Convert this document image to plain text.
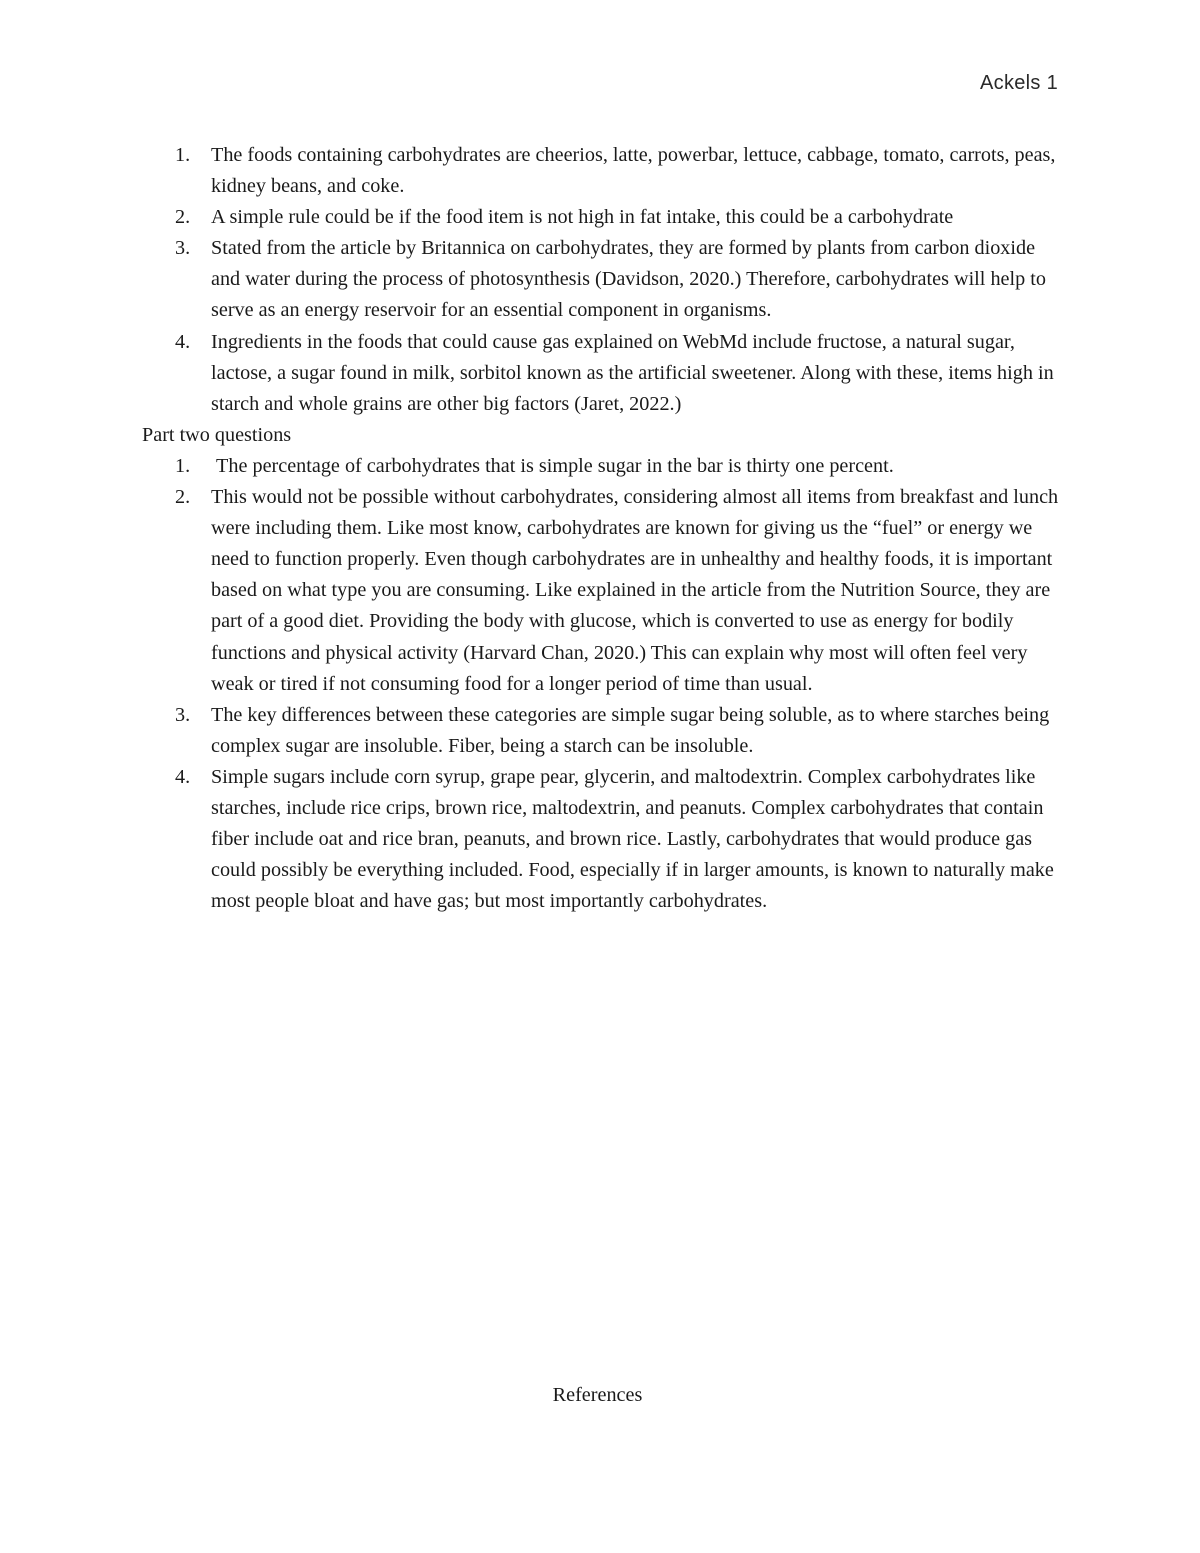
Ackels 1
1. The foods containing carbohydrates are cheerios, latte, powerbar, lettuce, cabbage, tomato, carrots, peas, kidney beans, and coke.
2. A simple rule could be if the food item is not high in fat intake, this could be a carbohydrate
3. Stated from the article by Britannica on carbohydrates, they are formed by plants from carbon dioxide and water during the process of photosynthesis (Davidson, 2020.) Therefore, carbohydrates will help to serve as an energy reservoir for an essential component in organisms.
4. Ingredients in the foods that could cause gas explained on WebMd include fructose, a natural sugar, lactose, a sugar found in milk, sorbitol known as the artificial sweetener. Along with these, items high in starch and whole grains are other big factors (Jaret, 2022.)

Part two questions

1. The percentage of carbohydrates that is simple sugar in the bar is thirty one percent.
2. This would not be possible without carbohydrates, considering almost all items from breakfast and lunch were including them. Like most know, carbohydrates are known for giving us the “fuel” or energy we need to function properly. Even though carbohydrates are in unhealthy and healthy foods, it is important based on what type you are consuming. Like explained in the article from the Nutrition Source, they are part of a good diet. Providing the body with glucose, which is converted to use as energy for bodily functions and physical activity (Harvard Chan, 2020.) This can explain why most will often feel very weak or tired if not consuming food for a longer period of time than usual.
3. The key differences between these categories are simple sugar being soluble, as to where starches being complex sugar are insoluble. Fiber, being a starch can be insoluble.
4. Simple sugars include corn syrup, grape pear, glycerin, and maltodextrin. Complex carbohydrates like starches, include rice crips, brown rice, maltodextrin, and peanuts. Complex carbohydrates that contain fiber include oat and rice bran, peanuts, and brown rice. Lastly, carbohydrates that would produce gas could possibly be everything included. Food, especially if in larger amounts, is known to naturally make most people bloat and have gas; but most importantly carbohydrates.
References
